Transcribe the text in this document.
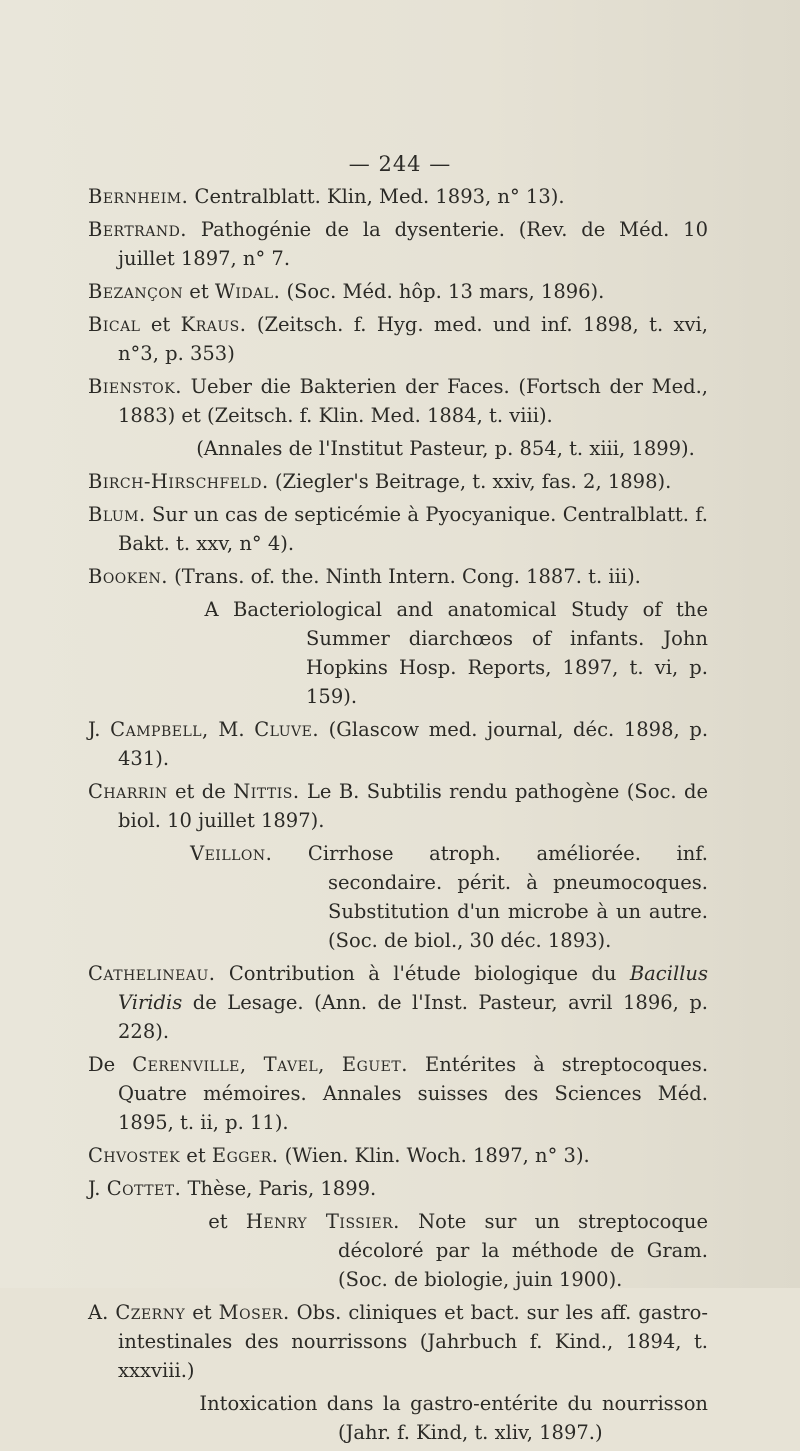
— 244 —

Bernheim. Centralblatt. Klin, Med. 1893, n° 13).

Bertrand. Pathogénie de la dysenterie. (Rev. de Méd. 10 juillet 1897, n° 7.

Bezançon et Widal. (Soc. Méd. hôp. 13 mars, 1896).

Bical et Kraus. (Zeitsch. f. Hyg. med. und inf. 1898, t. xvi, n°3, p. 353)

Bienstok. Ueber die Bakterien der Faces. (Fortsch der Med., 1883) et (Zeitsch. f. Klin. Med. 1884, t. viii).

(Annales de l'Institut Pasteur, p. 854, t. xiii, 1899).

Birch-Hirschfeld. (Ziegler's Beitrage, t. xxiv, fas. 2, 1898).

Blum. Sur un cas de septicémie à Pyocyanique. Centralblatt. f. Bakt. t. xxv, n° 4).

Booken. (Trans. of. the. Ninth Intern. Cong. 1887. t. iii).

A Bacteriological and anatomical Study of the Summer diarchœos of infants. John Hopkins Hosp. Reports, 1897, t. vi, p. 159).

J. Campbell, M. Cluve. (Glascow med. journal, déc. 1898, p. 431).

Charrin et de Nittis. Le B. Subtilis rendu pathogène (Soc. de biol. 10 juillet 1897).

Veillon. Cirrhose atroph. améliorée. inf. secondaire. périt. à pneumocoques. Substitution d'un microbe à un autre. (Soc. de biol., 30 déc. 1893).

Cathelineau. Contribution à l'étude biologique du Bacillus Viridis de Lesage. (Ann. de l'Inst. Pasteur, avril 1896, p. 228).

De Cerenville, Tavel, Eguet. Entérites à streptocoques. Quatre mémoires. Annales suisses des Sciences Méd. 1895, t. ii, p. 11).

Chvostek et Egger. (Wien. Klin. Woch. 1897, n° 3).

J. Cottet. Thèse, Paris, 1899.

et Henry Tissier. Note sur un streptocoque décoloré par la méthode de Gram. (Soc. de biologie, juin 1900).

A. Czerny et Moser. Obs. cliniques et bact. sur les aff. gastro-intestinales des nourrissons (Jahrbuch f. Kind., 1894, t. xxxviii.)

Intoxication dans la gastro-entérite du nourrisson (Jahr. f. Kind, t. xliv, 1897.)
